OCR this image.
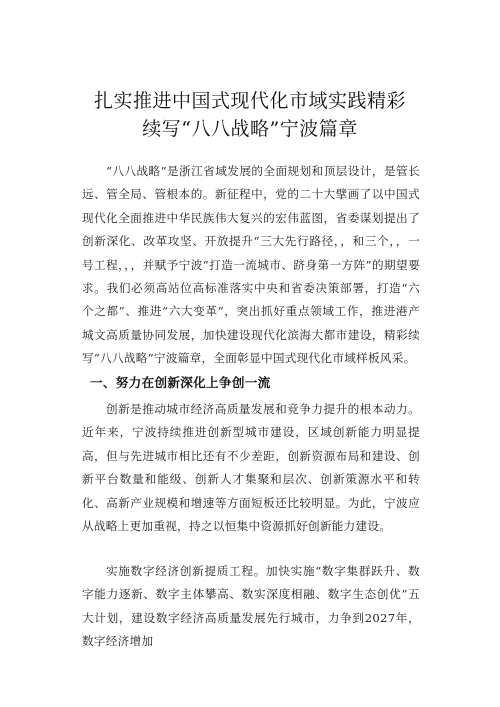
扎实推进中国式现代化市域实践精彩
续写“八八战略”宁波篇章
“八八战略”是浙江省域发展的全面规划和顶层设计，是管长远、管全局、管根本的。新征程中，党的二十大擘画了以中国式现代化全面推进中华民族伟大复兴的宏伟蓝图，省委谋划提出了创新深化、改革攻坚、开放提升“三大先行路径，，和三个，，一号工程，，，并赋予宁波“打造一流城市、跻身第一方阵”的期望要求。我们必须高站位高标准落实中央和省委决策部署，打造“六个之都”、推进“六大变革”，突出抓好重点领域工作，推进港产城文高质量协同发展，加快建设现代化滨海大都市建设，精彩续写“八八战略”宁波篇章，全面彰显中国式现代化市域样板风采。
一、努力在创新深化上争创一流
创新是推动城市经济高质量发展和竞争力提升的根本动力。近年来，宁波持续推进创新型城市建设，区域创新能力明显提高，但与先进城市相比还有不少差距，创新资源布局和建设、创新平台数量和能级、创新人才集聚和层次、创新策源水平和转化、高新产业规模和增速等方面短板还比较明显。为此，宁波应从战略上更加重视，持之以恒集中资源抓好创新能力建设。
实施数字经济创新提质工程。加快实施“数字集群跃升、数字能力逐新、数字主体攀高、数实深度相融、数字生态创优”五大计划，建设数字经济高质量发展先行城市，力争到2027年，数字经济增加
